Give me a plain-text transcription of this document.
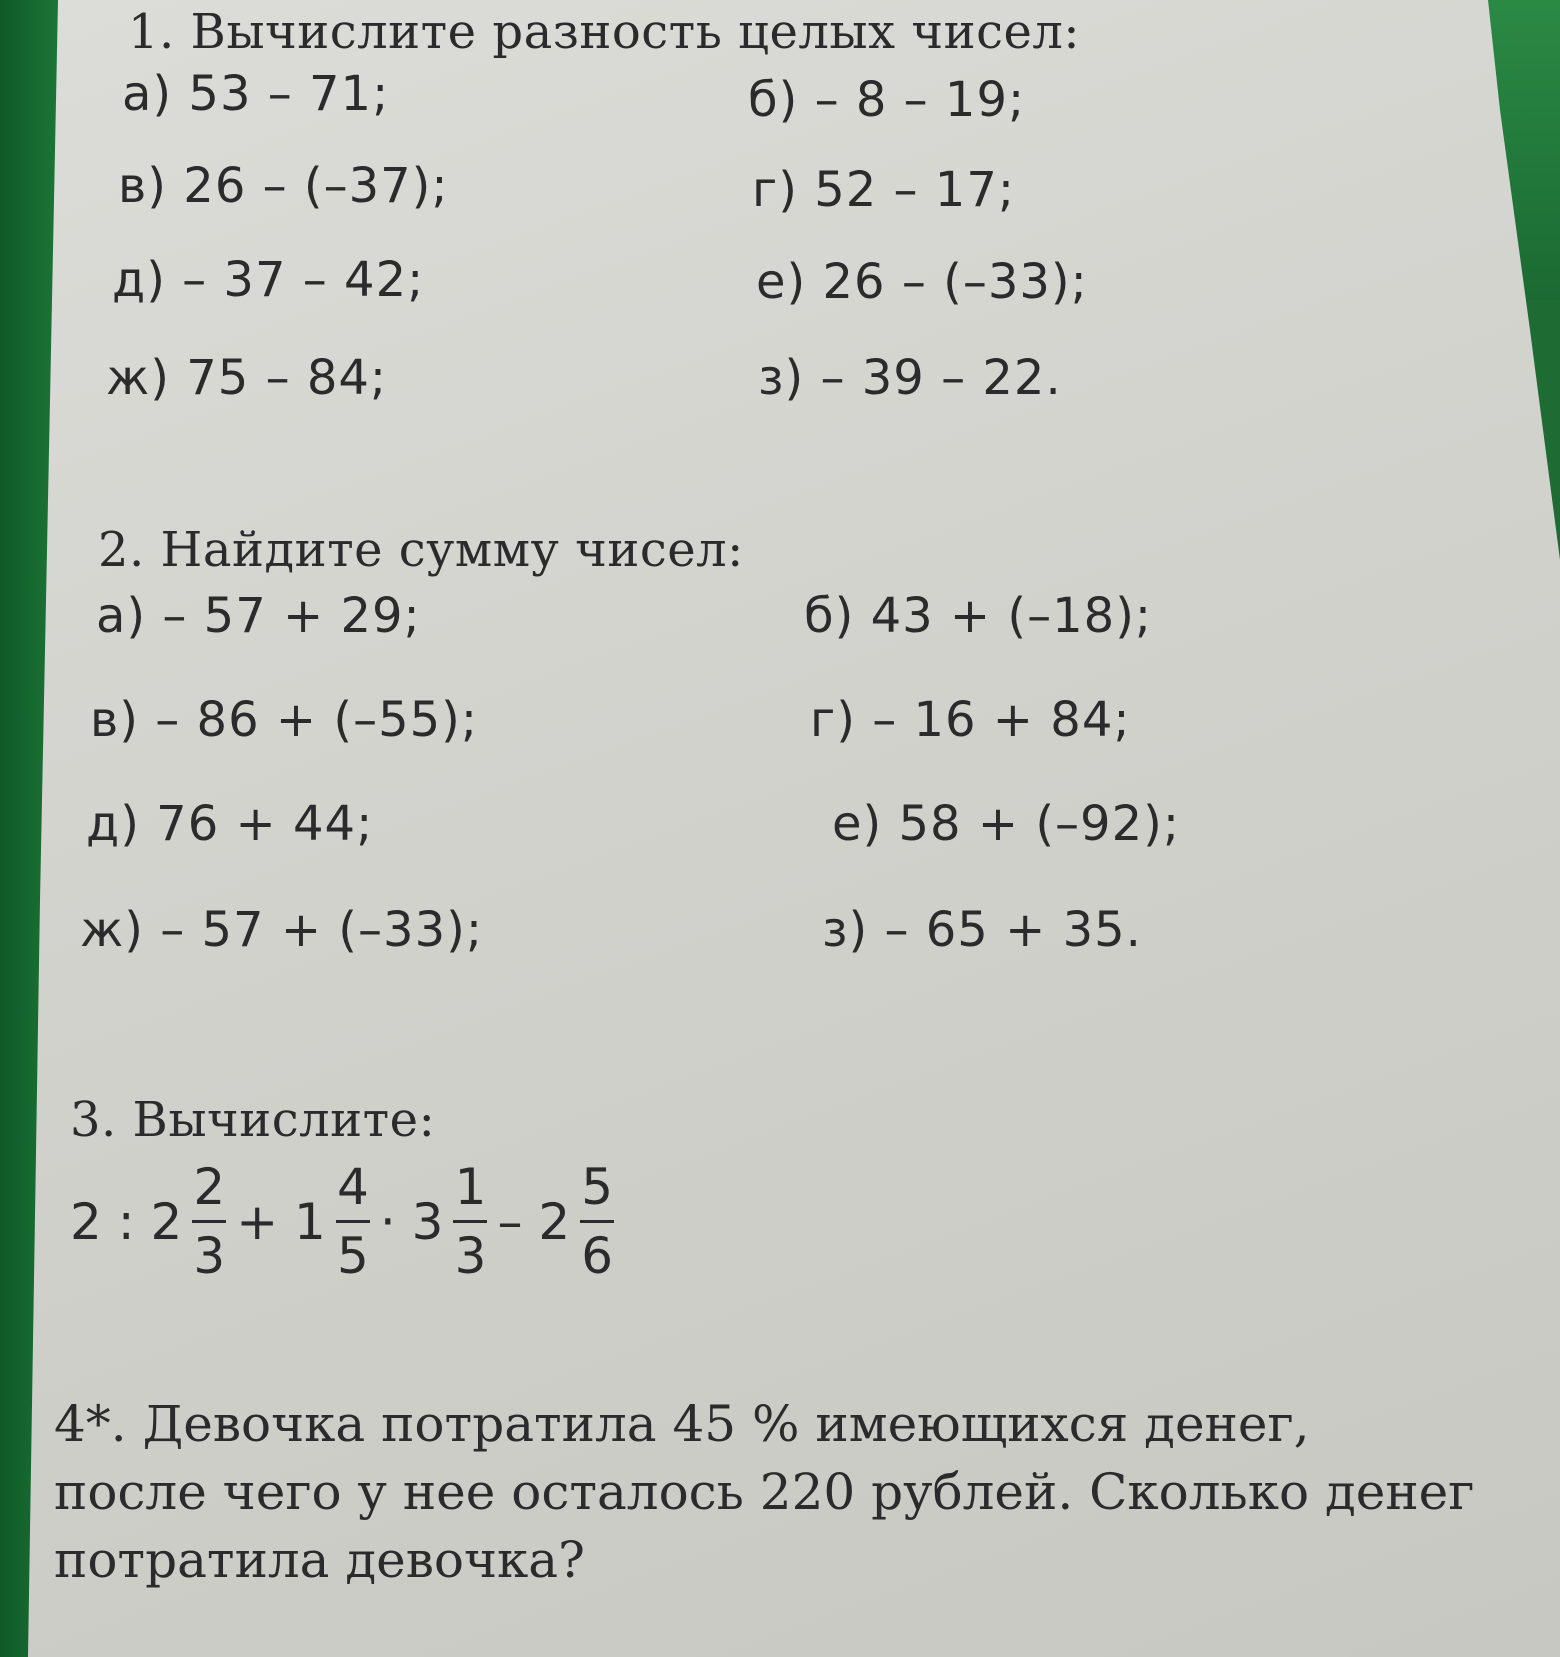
1. Вычислите разность целых чисел:
а) 53 – 71;	б) – 8 – 19;
в) 26 – (–37);	г) 52 – 17;
д) – 37 – 42;	е) 26 – (–33);
ж) 75 – 84;	з) – 39 – 22.
2. Найдите сумму чисел:
а) – 57 + 29;	б) 43 + (–18);
в) – 86 + (–55);	г) – 16 + 84;
д) 76 + 44;	е) 58 + (–92);
ж) – 57 + (–33);	з) – 65 + 35.
3. Вычислите:
2 : $2 \frac{2}{3} + 1 \frac{4}{5} \cdot 3 \frac{1}{3} - 2 \frac{5}{6}$
4*. Девочка потратила 45 % имеющихся денег,
после чего у нее осталось 220 рублей. Сколько денег
потратила девочка?
